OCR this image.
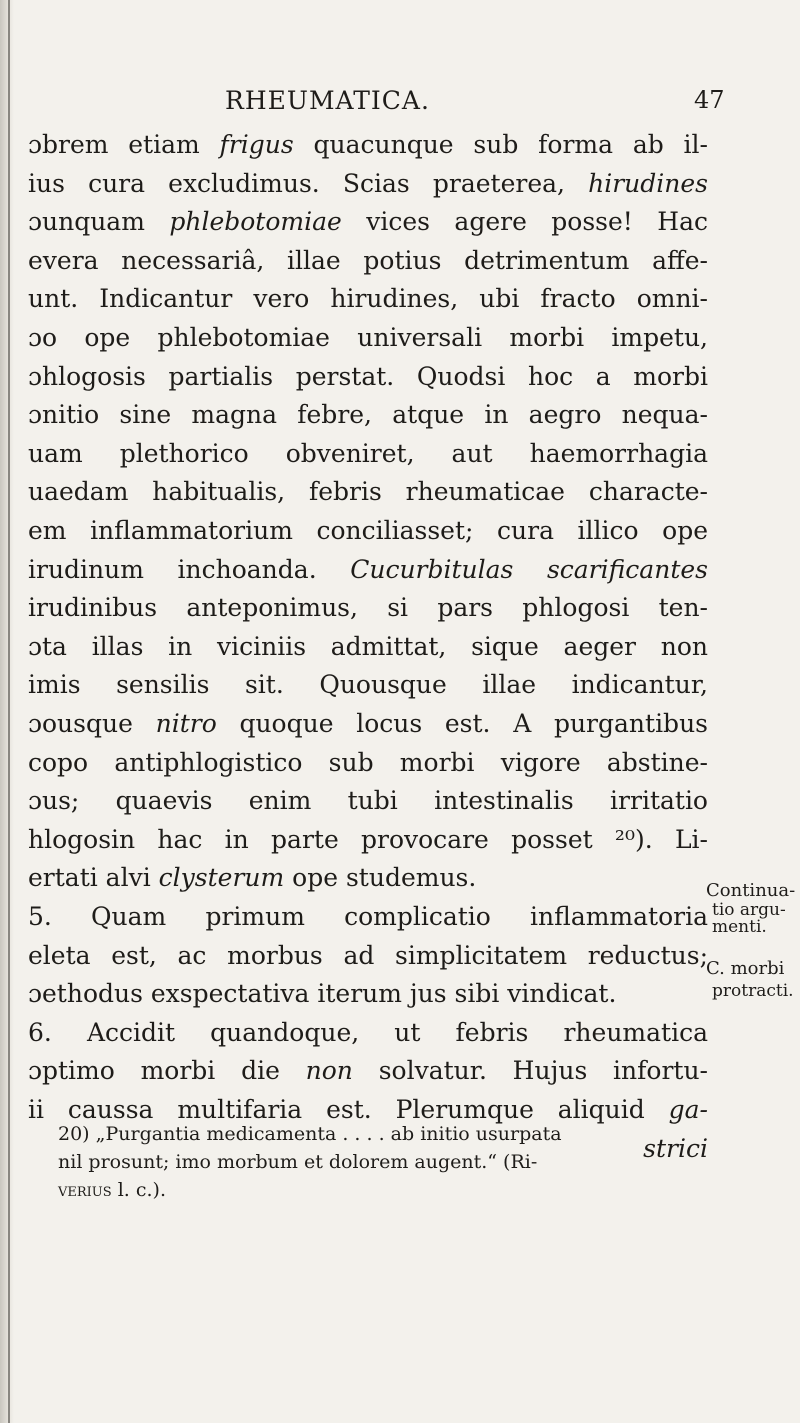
RHEUMATICA.	47
ɔbrem etiam frigus quacunque sub forma ab il-
ius cura excludimus. Scias praeterea, hirudines
ɔunquam phlebotomiae vices agere posse! Hac
evera necessariâ, illae potius detrimentum affe-
unt. Indicantur vero hirudines, ubi fracto omni-
ɔo ope phlebotomiae universali morbi impetu,
ɔhlogosis partialis perstat. Quodsi hoc a morbi
ɔnitio sine magna febre, atque in aegro nequa-
uam plethorico obveniret, aut haemorrhagia
uaedam habitualis, febris rheumaticae characte-
em inflammatorium conciliasset; cura illico ope
irudinum inchoanda. Cucurbitulas scarificantes
irudinibus anteponimus, si pars phlogosi ten-
ɔta illas in viciniis admittat, sique aeger non
imis sensilis sit. Quousque illae indicantur,
ɔousque nitro quoque locus est. A purgantibus
copo antiphlogistico sub morbi vigore abstine-
ɔus; quaevis enim tubi intestinalis irritatio
hlogosin hac in parte provocare posset ²⁰). Li-
ertati alvi clysterum ope studemus.
5. Quam primum complicatio inflammatoria
eleta est, ac morbus ad simplicitatem reductus;
ɔethodus exspectativa iterum jus sibi vindicat.
6. Accidit quandoque, ut febris rheumatica
ɔptimo morbi die non solvatur. Hujus infortu-
ii caussa multifaria est. Plerumque aliquid ga-
strici
Continua-
tio argu-
menti.
C. morbi
protracti.
20) „Purgantia medicamenta . . . . ab initio usurpata
nil prosunt; imo morbum et dolorem augent.“ (Ri-
verius l. c.).
